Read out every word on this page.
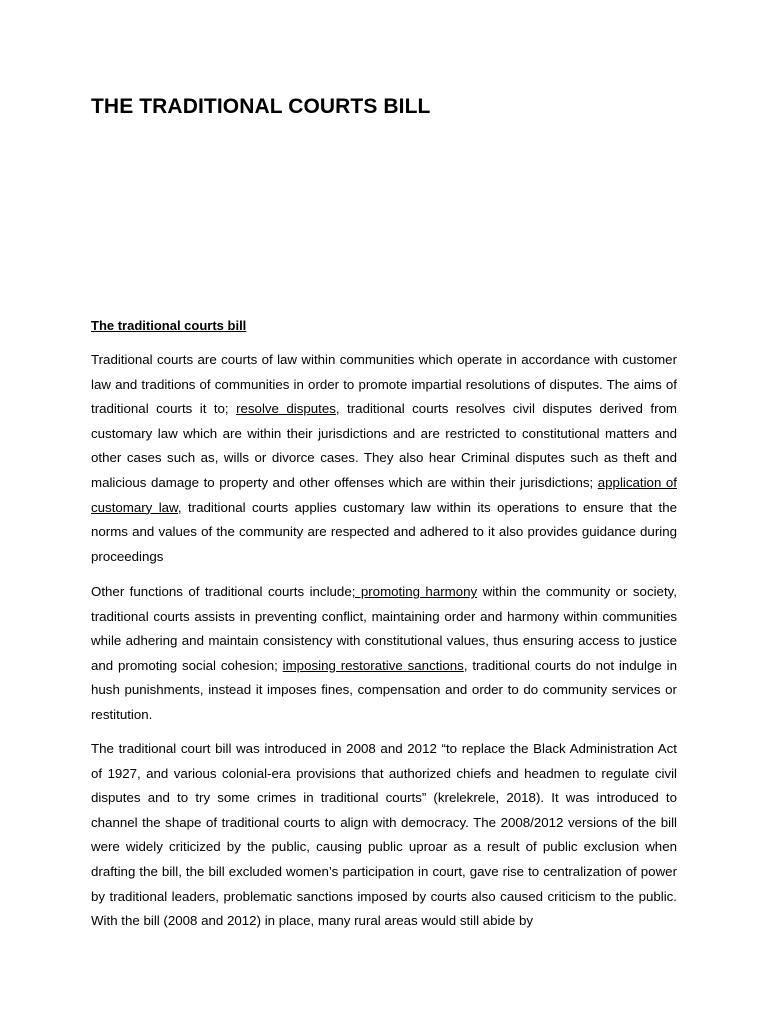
THE TRADITIONAL COURTS BILL
The traditional courts bill

Traditional courts are courts of law within communities which operate in accordance with customer law and traditions of communities in order to promote impartial resolutions of disputes. The aims of traditional courts it to; resolve disputes, traditional courts resolves civil disputes derived from customary law which are within their jurisdictions and are restricted to constitutional matters and other cases such as, wills or divorce cases. They also hear Criminal disputes such as theft and malicious damage to property and other offenses which are within their jurisdictions; application of customary law, traditional courts applies customary law within its operations to ensure that the norms and values of the community are respected and adhered to it also provides guidance during proceedings

Other functions of traditional courts include; promoting harmony within the community or society, traditional courts assists in preventing conflict, maintaining order and harmony within communities while adhering and maintain consistency with constitutional values, thus ensuring access to justice and promoting social cohesion; imposing restorative sanctions, traditional courts do not indulge in hush punishments, instead it imposes fines, compensation and order to do community services or restitution.

The traditional court bill was introduced in 2008 and 2012 “to replace the Black Administration Act of 1927, and various colonial-era provisions that authorized chiefs and headmen to regulate civil disputes and to try some crimes in traditional courts” (krelekrele, 2018). It was introduced to channel the shape of traditional courts to align with democracy. The 2008/2012 versions of the bill were widely criticized by the public, causing public uproar as a result of public exclusion when drafting the bill, the bill excluded women’s participation in court, gave rise to centralization of power by traditional leaders, problematic sanctions imposed by courts also caused criticism to the public. With the bill (2008 and 2012) in place, many rural areas would still abide by
